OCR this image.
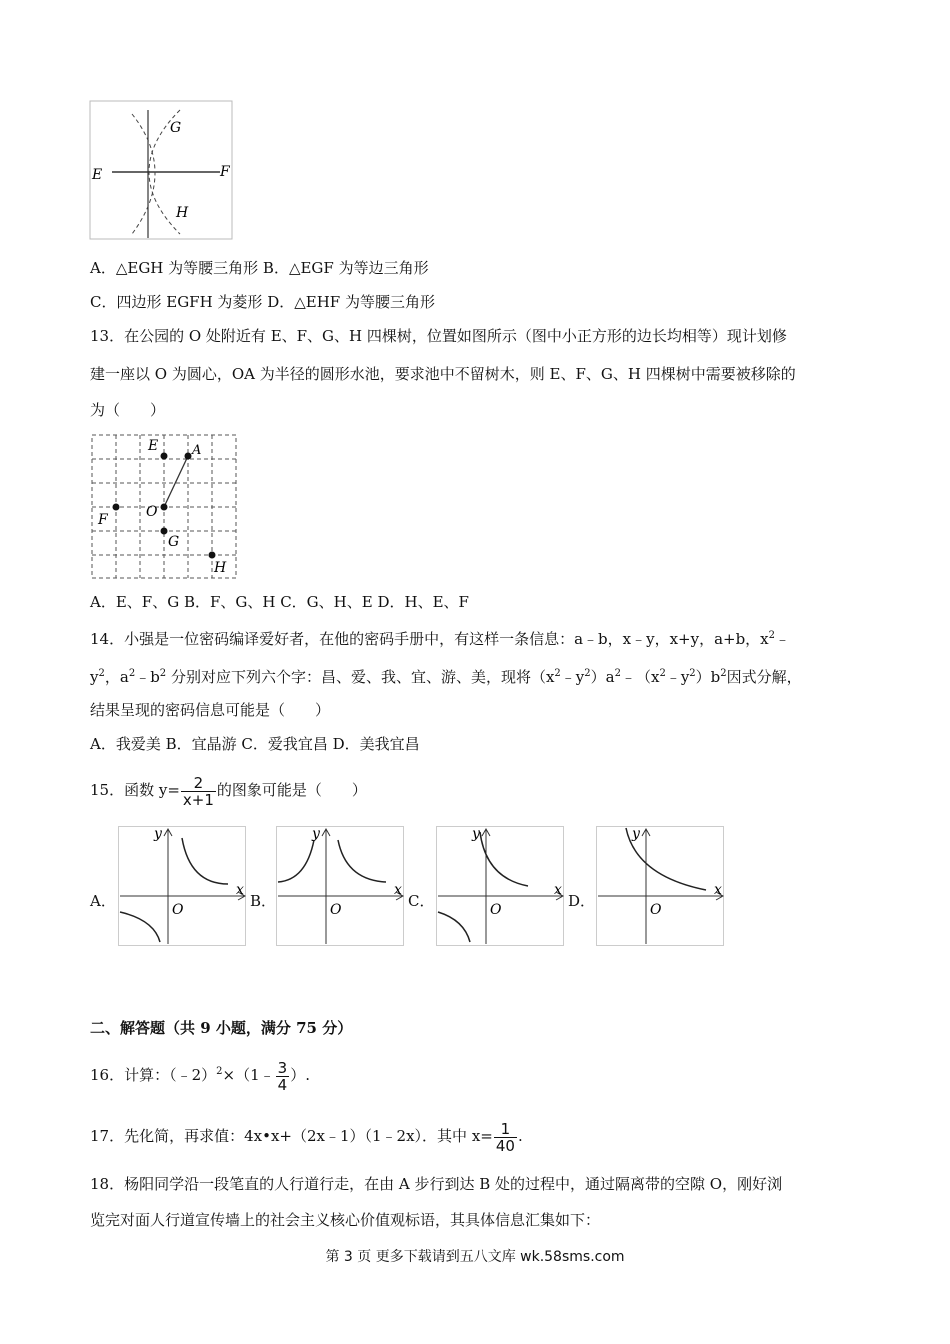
G
E	F
H
A．△EGH 为等腰三角形 B．△EGF 为等边三角形
C．四边形 EGFH 为菱形 D．△EHF 为等腰三角形
13．在公园的 O 处附近有 E、F、G、H 四棵树，位置如图所示（图中小正方形的边长均相等）现计划修
建一座以 O 为圆心，OA 为半径的圆形水池，要求池中不留树木，则 E、F、G、H 四棵树中需要被移除的
为（　　）
E	A
F	O
G
H
A．E、F、G B．F、G、H C．G、H、E D．H、E、F
14．小强是一位密码编译爱好者，在他的密码手册中，有这样一条信息：a﹣b，x﹣y，x+y，a+b，$x^2﹣$
$y^2$，$a^2﹣b^2$ 分别对应下列六个字：昌、爱、我、宜、游、美，现将$(x^2﹣y^2)a^2﹣(x^2﹣y^2)b^2$因式分解，
结果呈现的密码信息可能是（　　）
A．我爱美 B．宜晶游 C．爱我宜昌 D．美我宜昌
15．函数 $y= \frac{2}{x+1}$ 的图象可能是（　　）
A．
y
x
O	B．
y
x
O	C．
y
x
O	D．
y
x
O
二、解答题（共 9 小题，满分 75 分）
16．计算：（﹣2）$^2$×（1﹣ $\frac{3}{4}$ ）.
17．先化简，再求值：4x•x+（2x﹣1）（1﹣2x）．其中 $x= \frac{1}{40}$ .
18．杨阳同学沿一段笔直的人行道行走，在由 A 步行到达 B 处的过程中，通过隔离带的空隙 O，刚好浏
览完对面人行道宣传墙上的社会主义核心价值观标语，其具体信息汇集如下：
第 3 页 更多下载请到五八文库 wk.58sms.com
